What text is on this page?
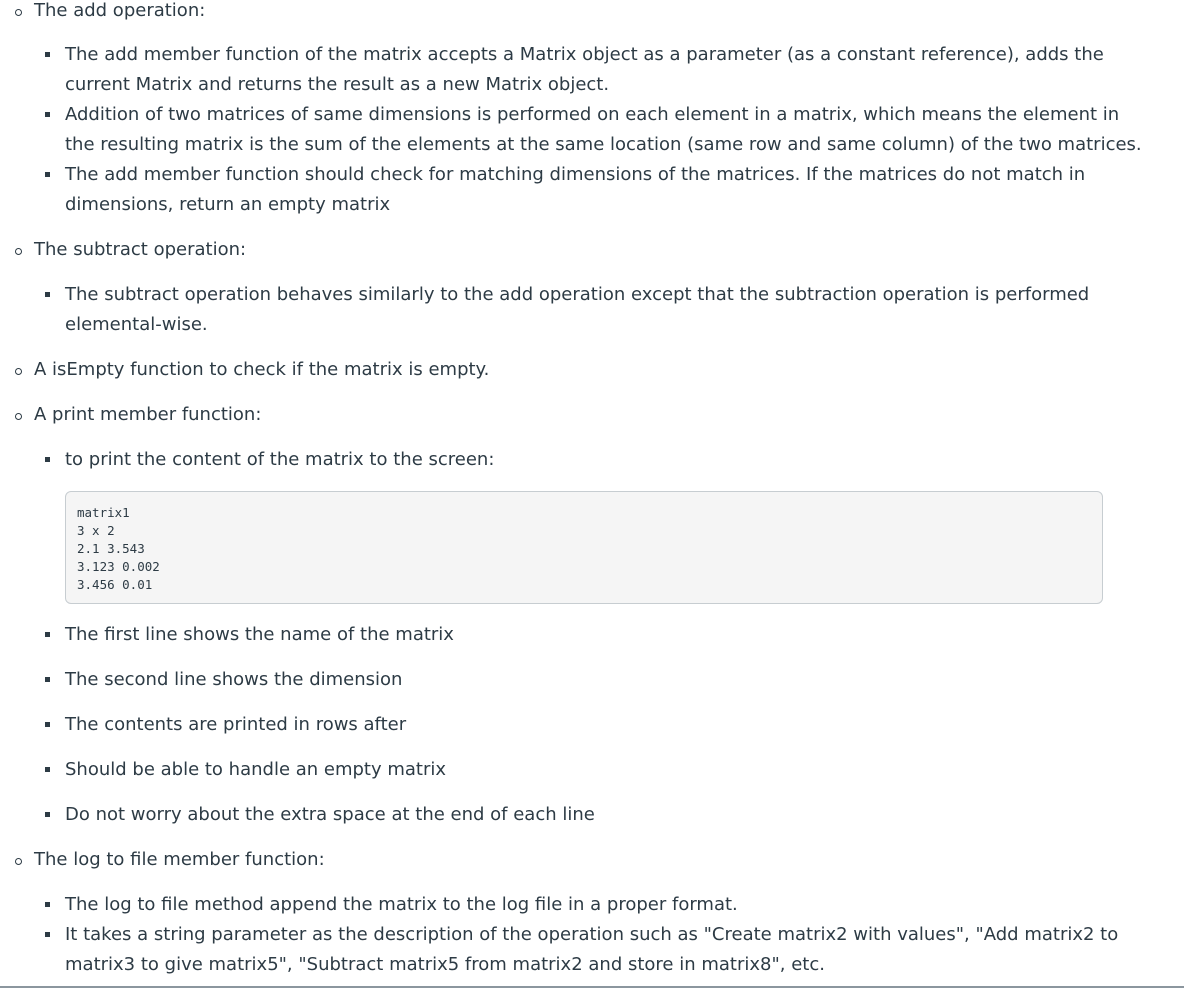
The add operation:
The add member function of the matrix accepts a Matrix object as a parameter (as a constant reference), adds the current Matrix and returns the result as a new Matrix object.
Addition of two matrices of same dimensions is performed on each element in a matrix, which means the element in the resulting matrix is the sum of the elements at the same location (same row and same column) of the two matrices.
The add member function should check for matching dimensions of the matrices. If the matrices do not match in dimensions, return an empty matrix
The subtract operation:
The subtract operation behaves similarly to the add operation except that the subtraction operation is performed elemental-wise.
A isEmpty function to check if the matrix is empty.
A print member function:
to print the content of the matrix to the screen:
matrix1
3 x 2
2.1 3.543
3.123 0.002
3.456 0.01
The first line shows the name of the matrix
The second line shows the dimension
The contents are printed in rows after
Should be able to handle an empty matrix
Do not worry about the extra space at the end of each line
The log to file member function:
The log to file method append the matrix to the log file in a proper format.
It takes a string parameter as the description of the operation such as "Create matrix2 with values", "Add matrix2 to matrix3 to give matrix5", "Subtract matrix5 from matrix2 and store in matrix8", etc.
